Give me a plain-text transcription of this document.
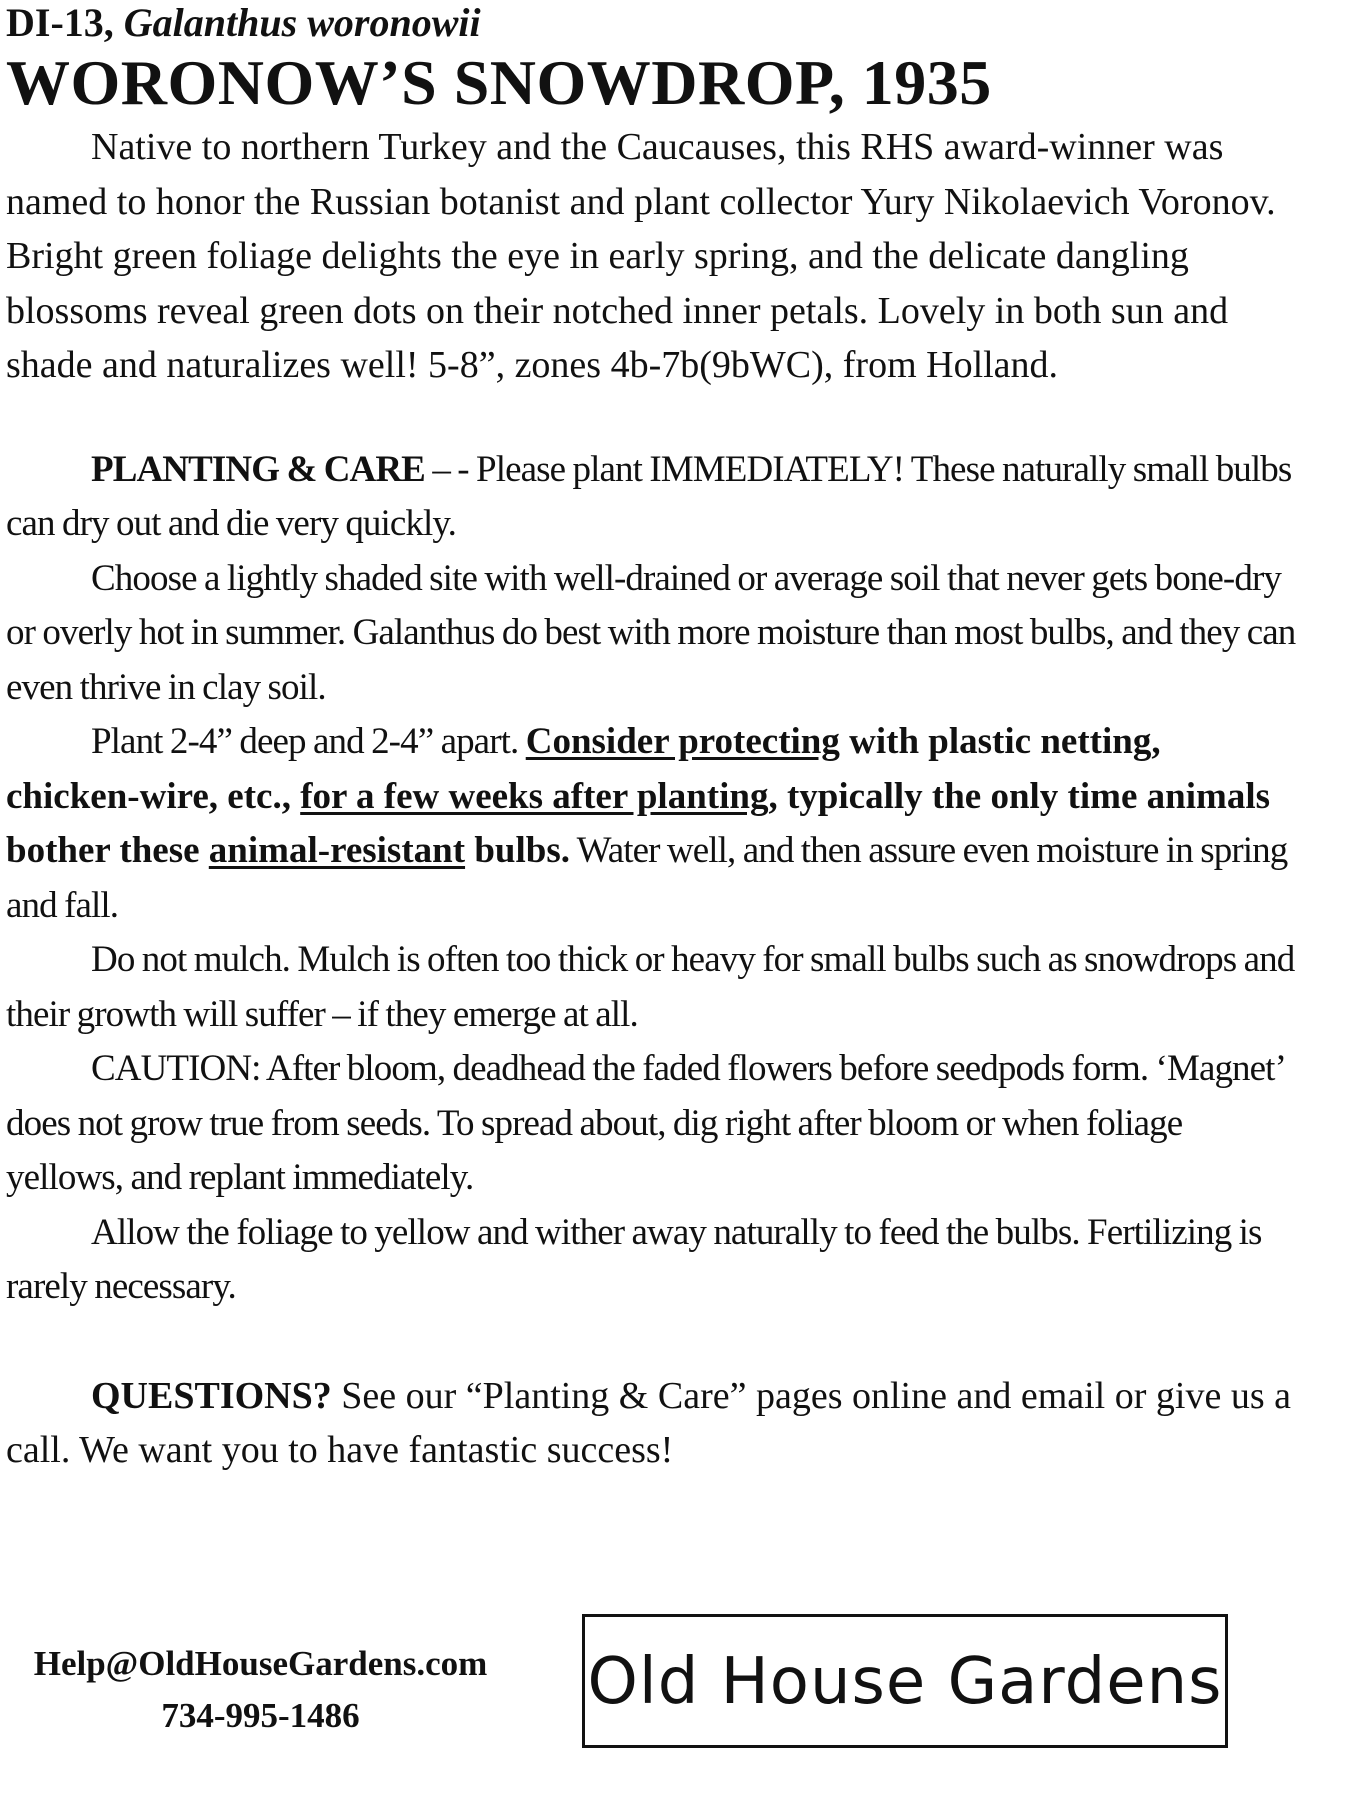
DI-13, Galanthus woronowii
WORONOW’S SNOWDROP, 1935

Native to northern Turkey and the Caucauses, this RHS award-winner was named to honor the Russian botanist and plant collector Yury Nikolaevich Voronov. Bright green foliage delights the eye in early spring, and the delicate dangling blossoms reveal green dots on their notched inner petals. Lovely in both sun and shade and naturalizes well! 5-8”, zones 4b-7b(9bWC), from Holland.

PLANTING & CARE – - Please plant IMMEDIATELY! These naturally small bulbs can dry out and die very quickly.

Choose a lightly shaded site with well-drained or average soil that never gets bone-dry or overly hot in summer. Galanthus do best with more moisture than most bulbs, and they can even thrive in clay soil.

Plant 2-4” deep and 2-4” apart. Consider protecting with plastic netting, chicken-wire, etc., for a few weeks after planting, typically the only time animals bother these animal-resistant bulbs. Water well, and then assure even moisture in spring and fall.

Do not mulch. Mulch is often too thick or heavy for small bulbs such as snowdrops and their growth will suffer – if they emerge at all.

CAUTION: After bloom, deadhead the faded flowers before seedpods form. ‘Magnet’ does not grow true from seeds. To spread about, dig right after bloom or when foliage yellows, and replant immediately.

Allow the foliage to yellow and wither away naturally to feed the bulbs. Fertilizing is rarely necessary.

QUESTIONS? See our “Planting & Care” pages online and email or give us a call. We want you to have fantastic success!

Help@OldHouseGardens.com
734-995-1486	Old House Gardens
